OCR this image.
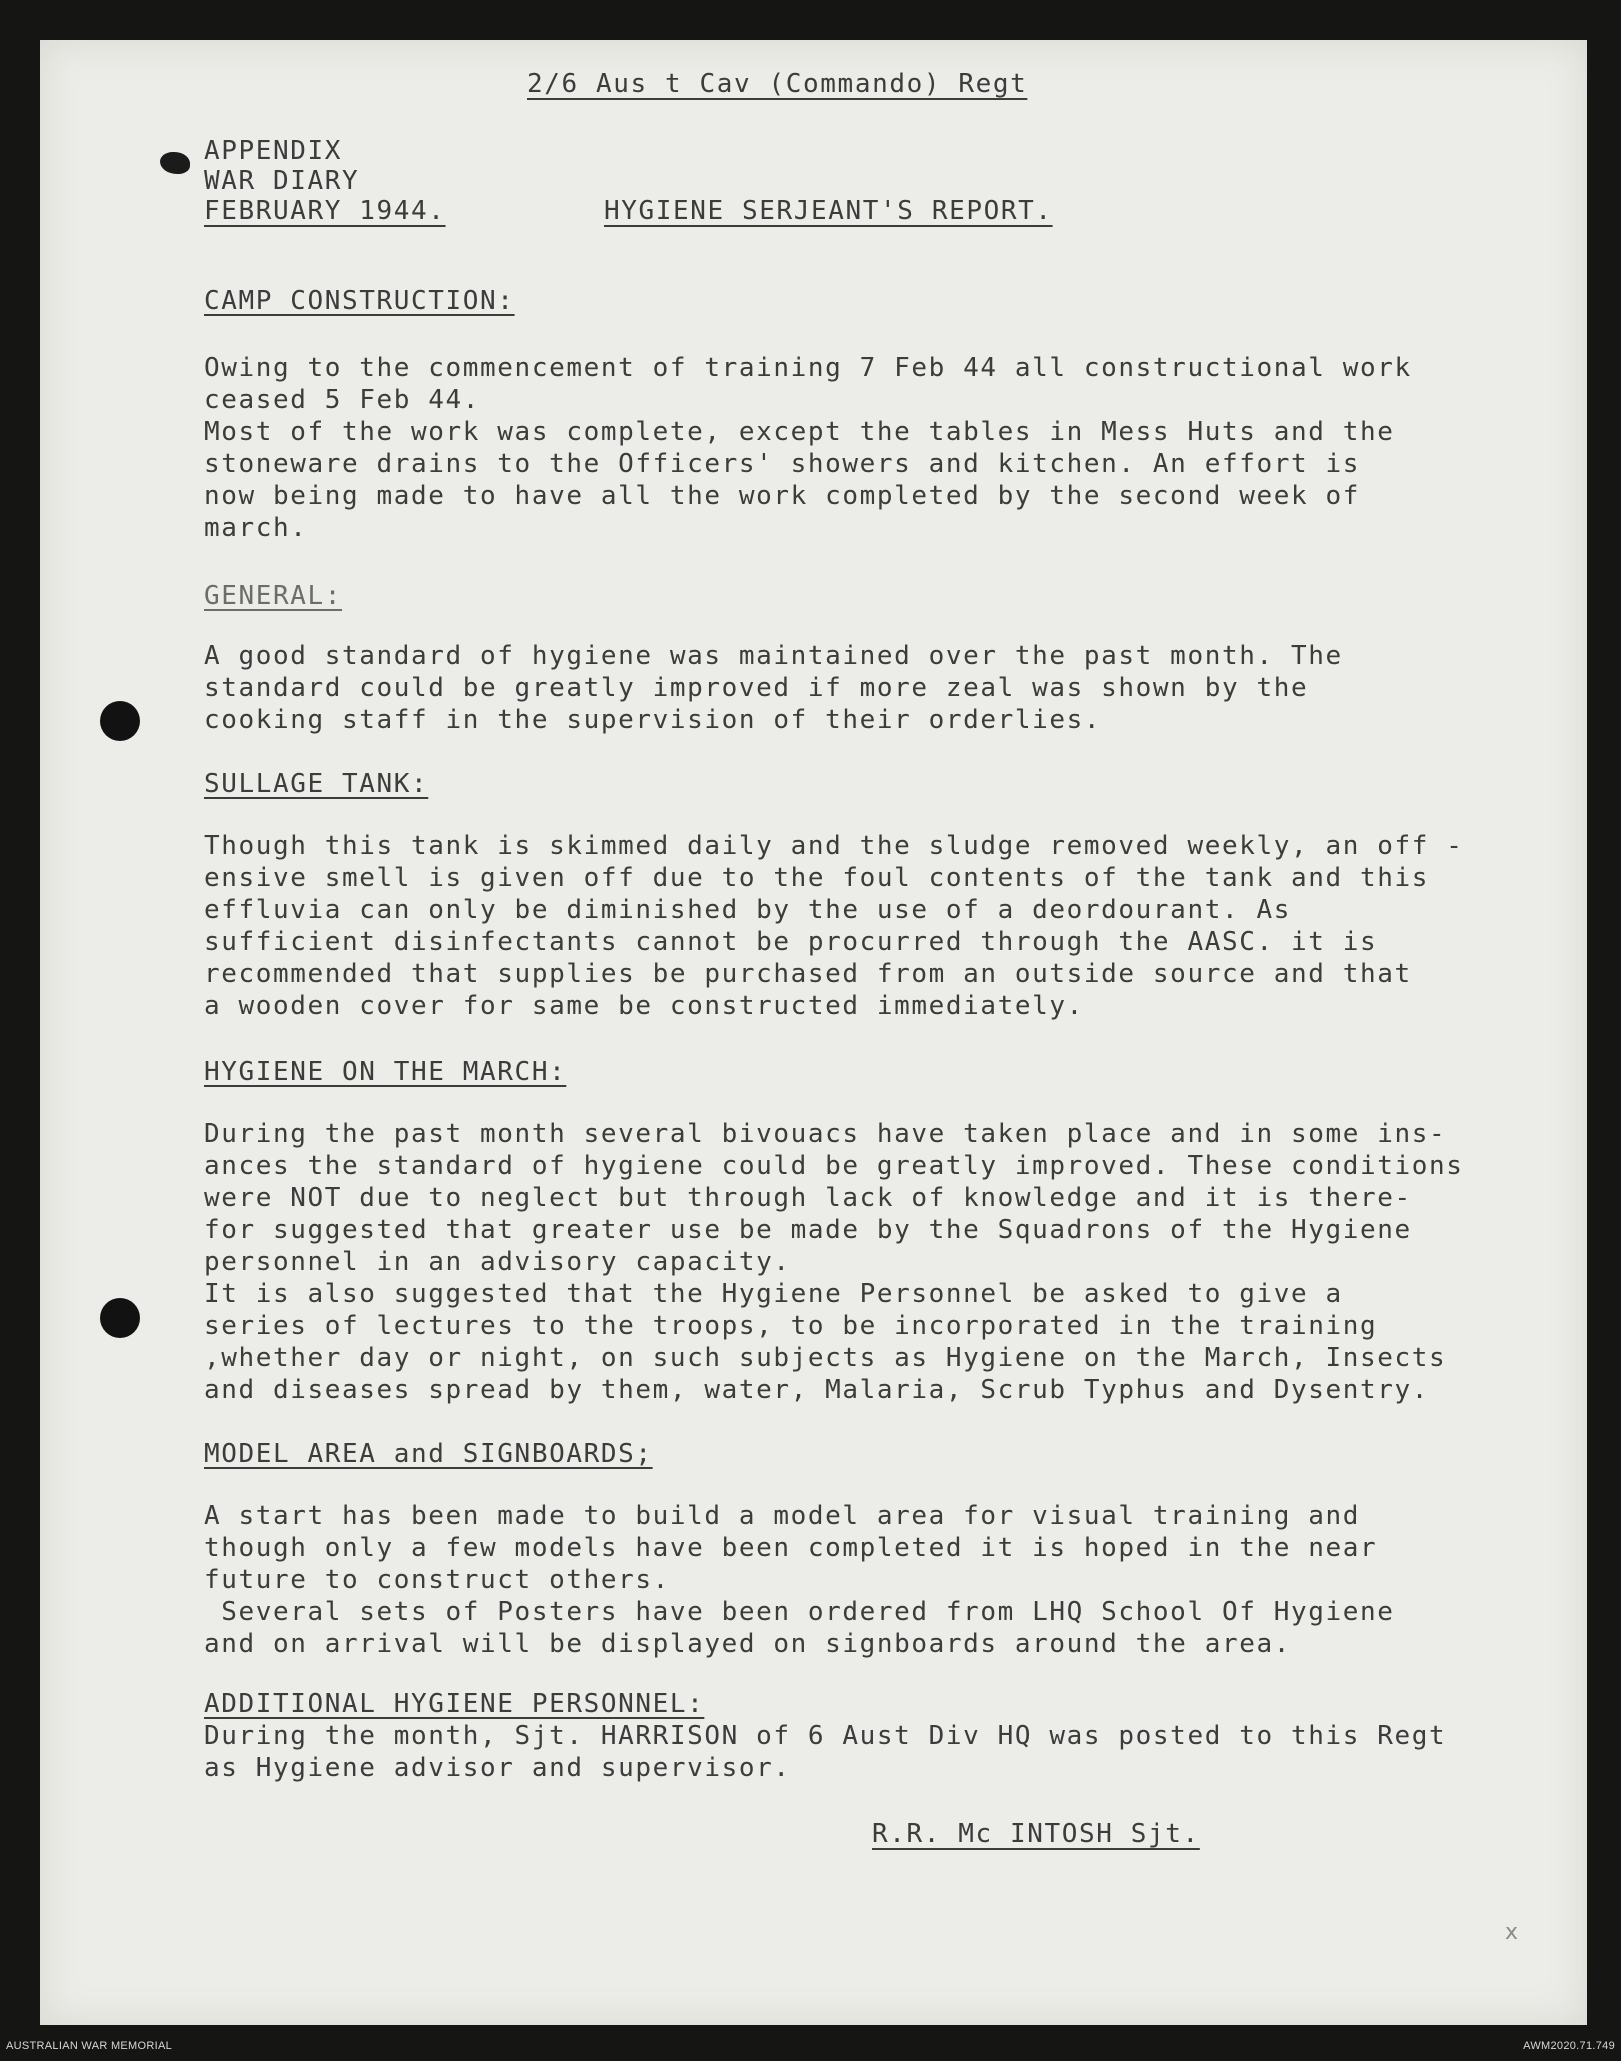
2/6 Aus t Cav (Commando) Regt
APPENDIX
WAR DIARY
FEBRUARY 1944.	HYGIENE SERJEANT'S REPORT.
CAMP CONSTRUCTION:
Owing to the commencement of training 7 Feb 44 all constructional work
ceased 5 Feb 44.
Most of the work was complete, except the tables in Mess Huts and the
stoneware drains to the Officers' showers and kitchen. An effort is
now being made to have all the work completed by the second week of
march.
GENERAL:
A good standard of hygiene was maintained over the past month. The
standard could be greatly improved if more zeal was shown by the
cooking staff in the supervision of their orderlies.
SULLAGE TANK:
Though this tank is skimmed daily and the sludge removed weekly, an off -
ensive smell is given off due to the foul contents of the tank and this
effluvia can only be diminished by the use of a deordourant. As
sufficient disinfectants cannot be procurred through the AASC. it is
recommended that supplies be purchased from an outside source and that
a wooden cover for same be constructed immediately.
HYGIENE ON THE MARCH:
During the past month several bivouacs have taken place and in some ins-
ances the standard of hygiene could be greatly improved. These conditions
were NOT due to neglect but through lack of knowledge and it is there-
for suggested that greater use be made by the Squadrons of the Hygiene
personnel in an advisory capacity.
It is also suggested that the Hygiene Personnel be asked to give a
series of lectures to the troops, to be incorporated in the training
,whether day or night, on such subjects as Hygiene on the March, Insects
and diseases spread by them, water, Malaria, Scrub Typhus and Dysentry.
MODEL AREA and SIGNBOARDS;
A start has been made to build a model area for visual training and
though only a few models have been completed it is hoped in the near
future to construct others.
Several sets of Posters have been ordered from LHQ School Of Hygiene
and on arrival will be displayed on signboards around the area.
ADDITIONAL HYGIENE PERSONNEL:
During the month, Sjt. HARRISON of 6 Aust Div HQ was posted to this Regt
as Hygiene advisor and supervisor.
R.R. Mc INTOSH Sjt.
x
AUSTRALIAN WAR MEMORIAL	AWM2020.71.749
